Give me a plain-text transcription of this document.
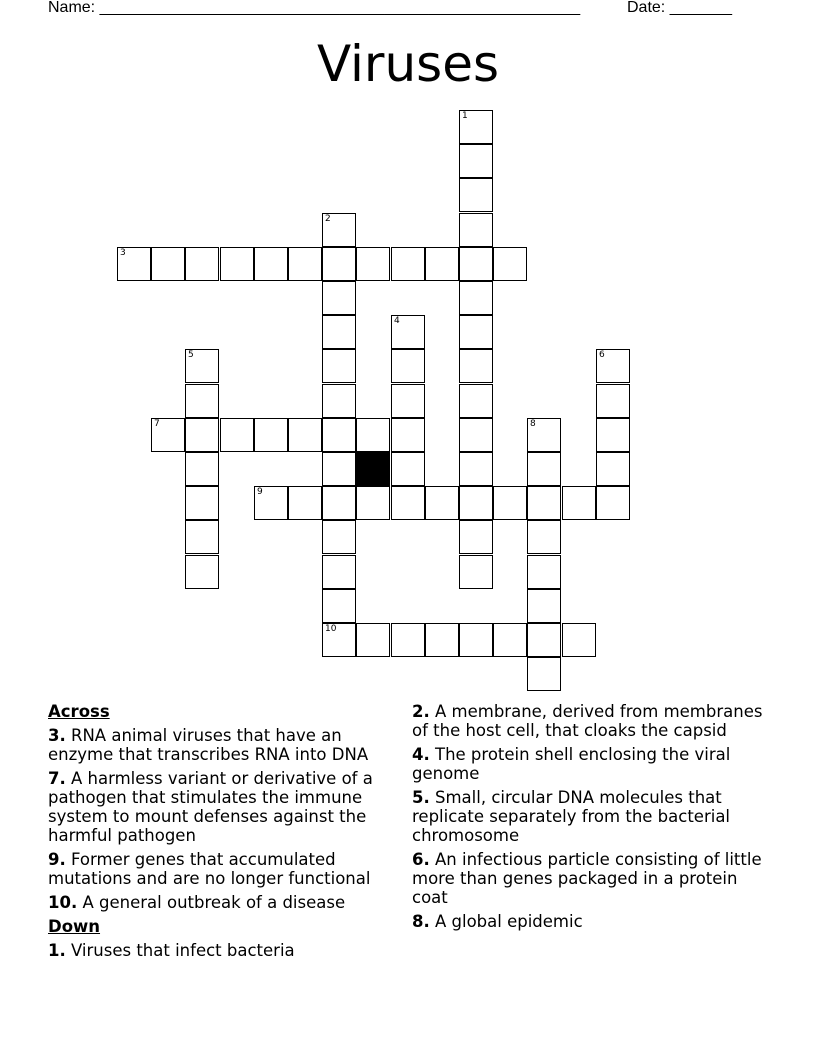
Name: ______________________________________________________	Date: _______
Viruses
1
2
10
3
4
5	6
7	8
9
Across
3. RNA animal viruses that have an enzyme that transcribes RNA into DNA
7. A harmless variant or derivative of a pathogen that stimulates the immune system to mount defenses against the harmful pathogen
9. Former genes that accumulated mutations and are no longer functional
10. A general outbreak of a disease
Down
1. Viruses that infect bacteria
2. A membrane, derived from membranes of the host cell, that cloaks the capsid
4. The protein shell enclosing the viral genome
5. Small, circular DNA molecules that replicate separately from the bacterial chromosome
6. An infectious particle consisting of little more than genes packaged in a protein coat
8. A global epidemic
